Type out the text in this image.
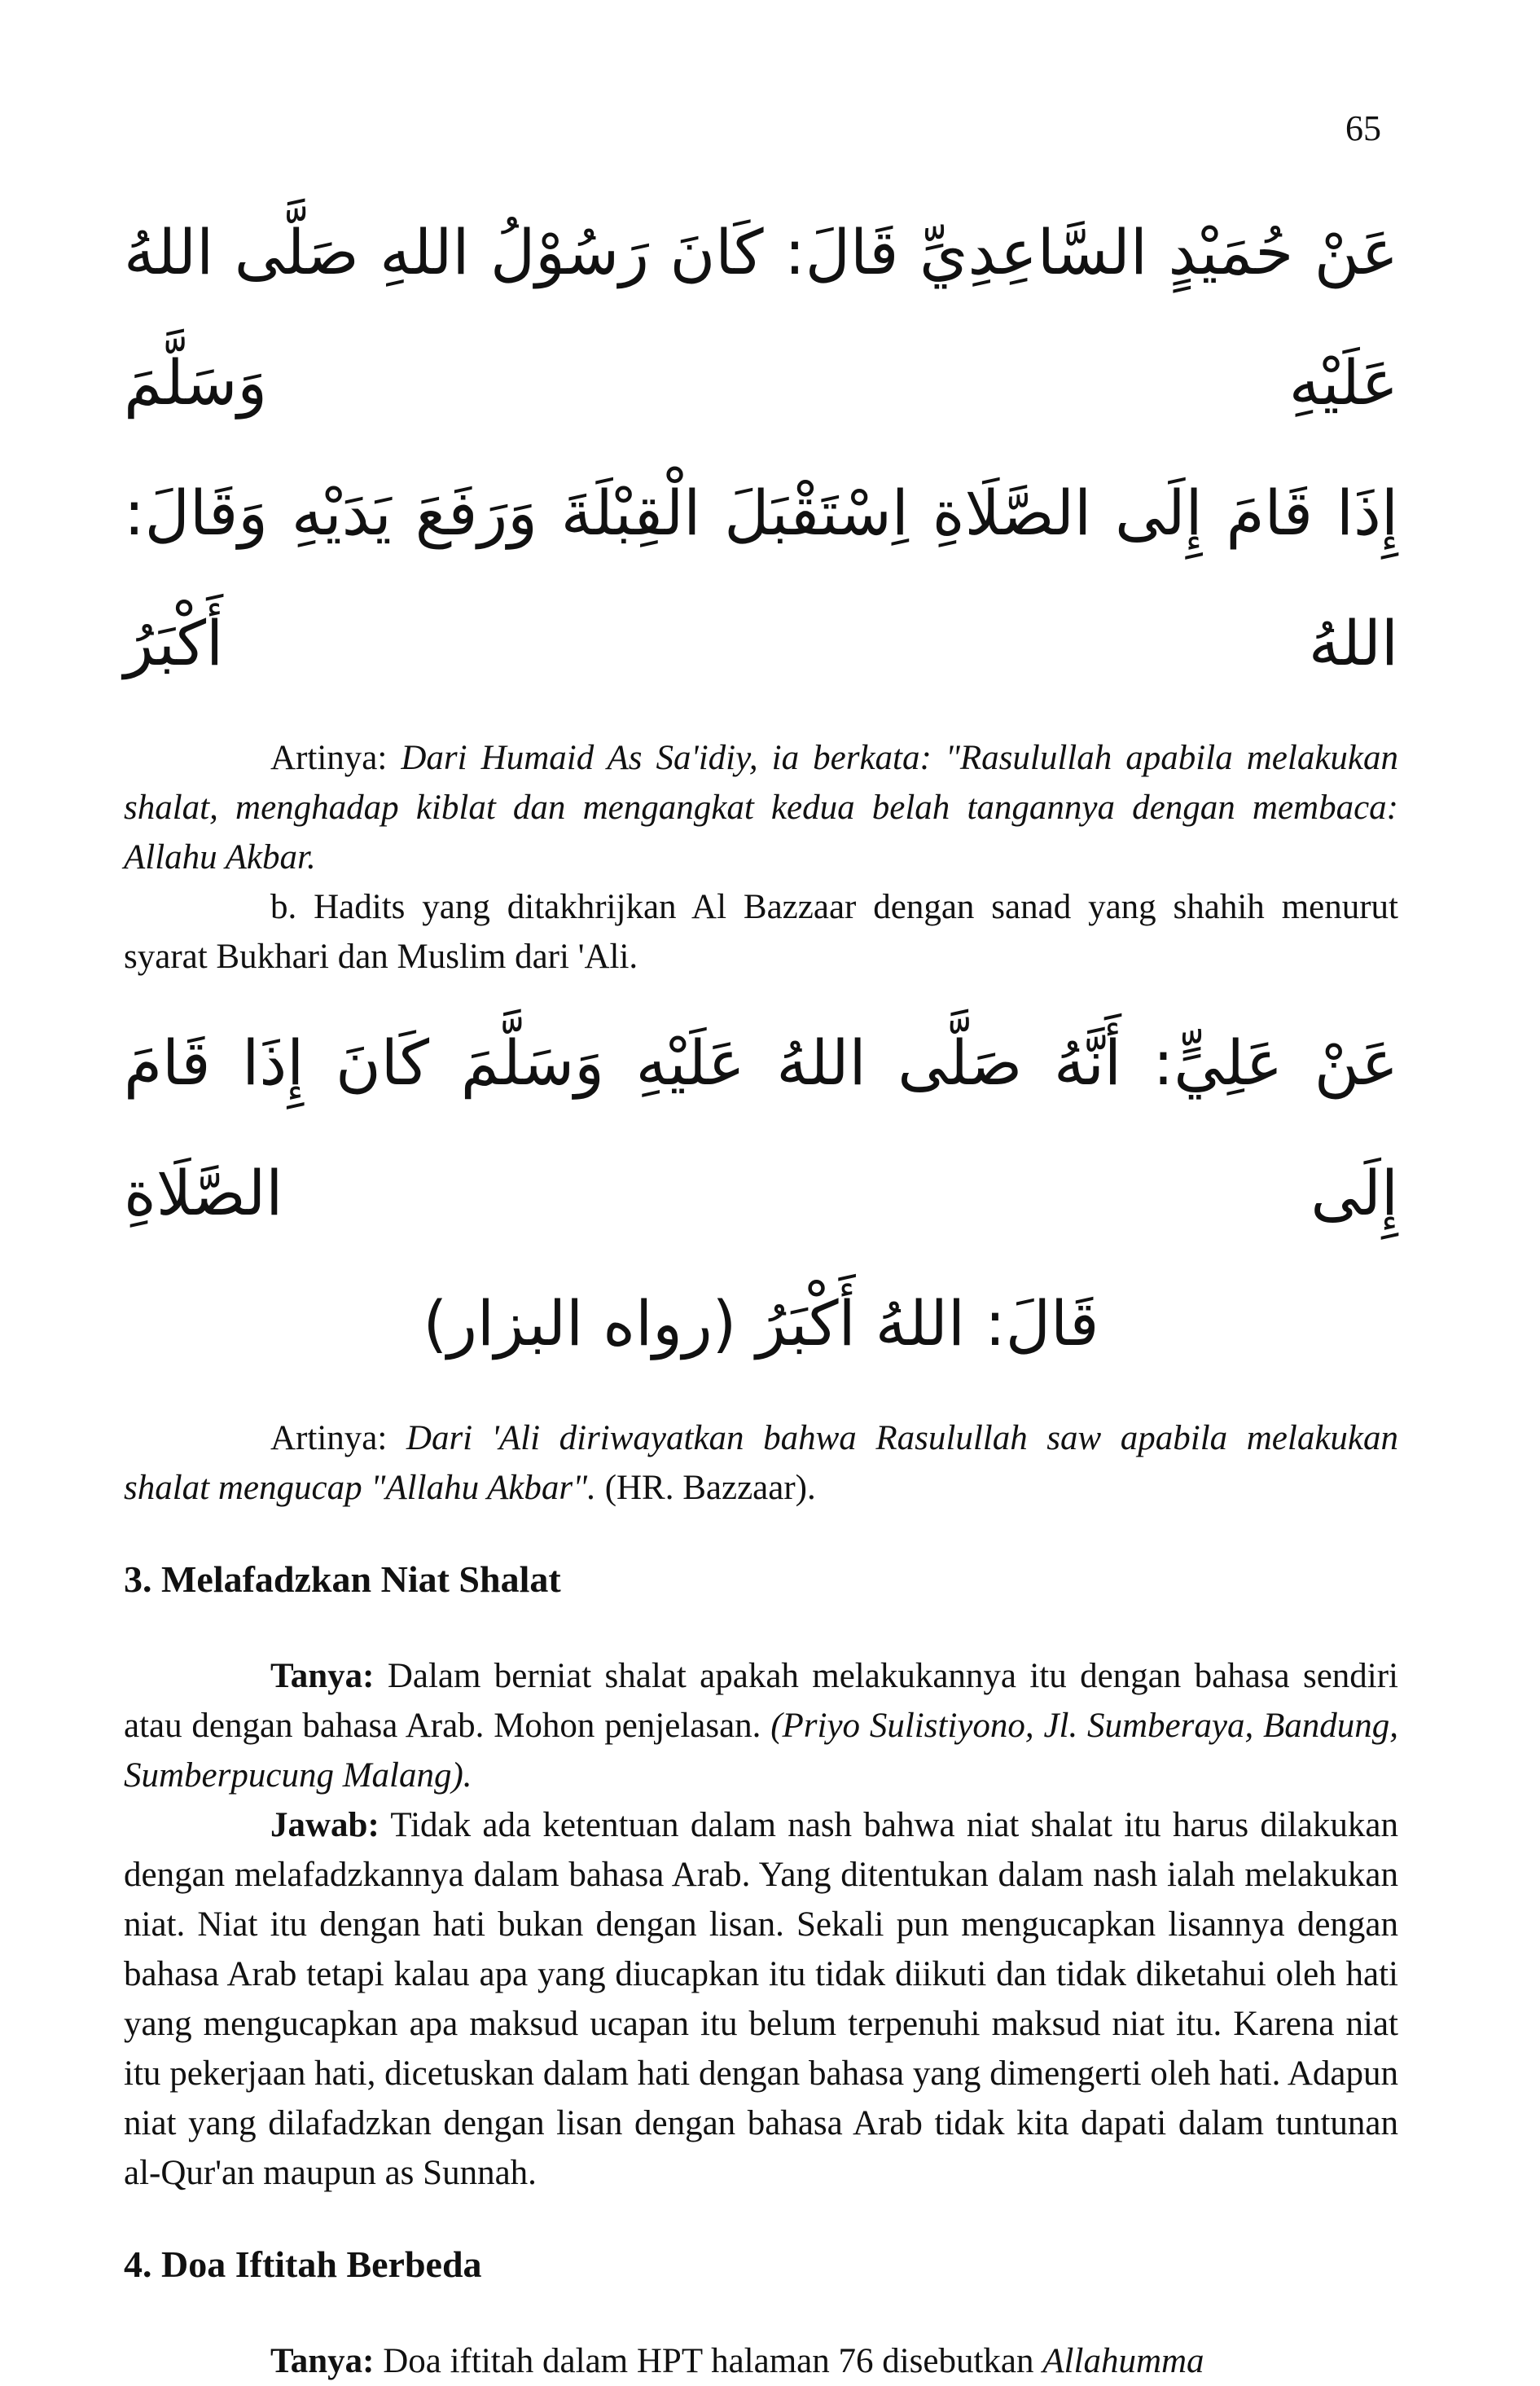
65

عَنْ حُمَيْدٍ السَّاعِدِيِّ قَالَ: كَانَ رَسُوْلُ اللهِ صَلَّى اللهُ عَلَيْهِ وَسَلَّمَ

إِذَا قَامَ إِلَى الصَّلَاةِ اِسْتَقْبَلَ الْقِبْلَةَ وَرَفَعَ يَدَيْهِ وَقَالَ: اللهُ أَكْبَرُ

Artinya: Dari Humaid As Sa'idiy, ia berkata: "Rasulullah apabila melakukan shalat, menghadap kiblat dan mengangkat kedua belah tangannya dengan membaca: Allahu Akbar.

b. Hadits yang ditakhrijkan Al Bazzaar dengan sanad yang shahih menurut syarat Bukhari dan Muslim dari 'Ali.

عَنْ عَلِيٍّ: أَنَّهُ صَلَّى اللهُ عَلَيْهِ وَسَلَّمَ كَانَ إِذَا قَامَ إِلَى الصَّلَاةِ

قَالَ: اللهُ أَكْبَرُ (رواه البزار)

Artinya: Dari 'Ali diriwayatkan bahwa Rasulullah saw apabila melakukan shalat mengucap "Allahu Akbar". (HR. Bazzaar).

3. Melafadzkan Niat Shalat

Tanya: Dalam berniat shalat apakah melakukannya itu dengan bahasa sendiri atau dengan bahasa Arab. Mohon penjelasan. (Priyo Sulistiyono, Jl. Sumberaya, Bandung, Sumberpucung Malang).

Jawab: Tidak ada ketentuan dalam nash bahwa niat shalat itu harus dilakukan dengan melafadzkannya dalam bahasa Arab. Yang ditentukan dalam nash ialah melakukan niat. Niat itu dengan hati bukan dengan lisan. Sekali pun mengucapkan lisannya dengan bahasa Arab tetapi kalau apa yang diucapkan itu tidak diikuti dan tidak diketahui oleh hati yang mengucapkan apa maksud ucapan itu belum terpenuhi maksud niat itu. Karena niat itu pekerjaan hati, dicetuskan dalam hati dengan bahasa yang dimengerti oleh hati. Adapun niat yang dilafadzkan dengan lisan dengan bahasa Arab tidak kita dapati dalam tuntunan al-Qur'an maupun as Sunnah.

4. Doa Iftitah Berbeda

Tanya: Doa iftitah dalam HPT halaman 76 disebutkan Allahumma
